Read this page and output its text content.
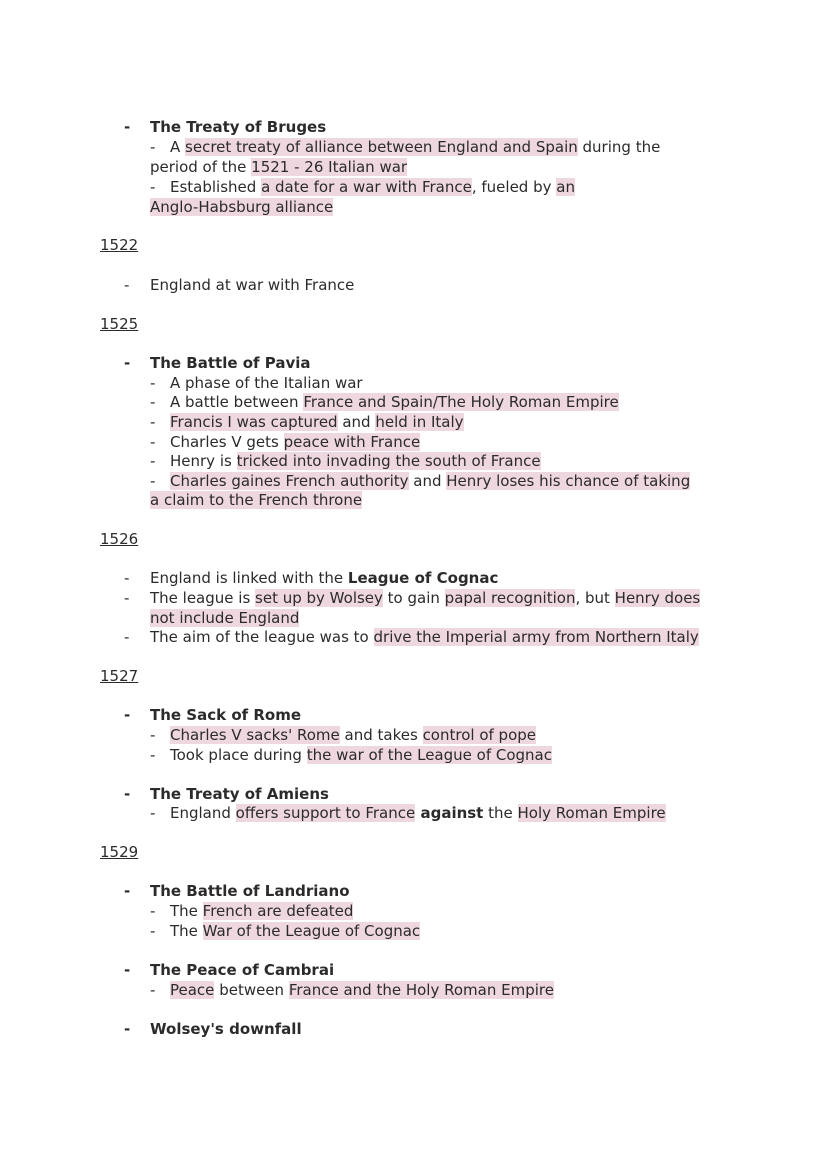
- The Treaty of Bruges
- A secret treaty of alliance between England and Spain during the
period of the 1521 - 26 Italian war
- Established a date for a war with France, fueled by an
Anglo-Habsburg alliance
1522
- England at war with France
1525
- The Battle of Pavia
- A phase of the Italian war
- A battle between France and Spain/The Holy Roman Empire
- Francis I was captured and held in Italy
- Charles V gets peace with France
- Henry is tricked into invading the south of France
- Charles gaines French authority and Henry loses his chance of taking
a claim to the French throne
1526
- England is linked with the League of Cognac
- The league is set up by Wolsey to gain papal recognition, but Henry does
not include England
- The aim of the league was to drive the Imperial army from Northern Italy
1527
- The Sack of Rome
- Charles V sacks' Rome and takes control of pope
- Took place during the war of the League of Cognac
- The Treaty of Amiens
- England offers support to France against the Holy Roman Empire
1529
- The Battle of Landriano
- The French are defeated
- The War of the League of Cognac
- The Peace of Cambrai
- Peace between France and the Holy Roman Empire
- Wolsey's downfall
